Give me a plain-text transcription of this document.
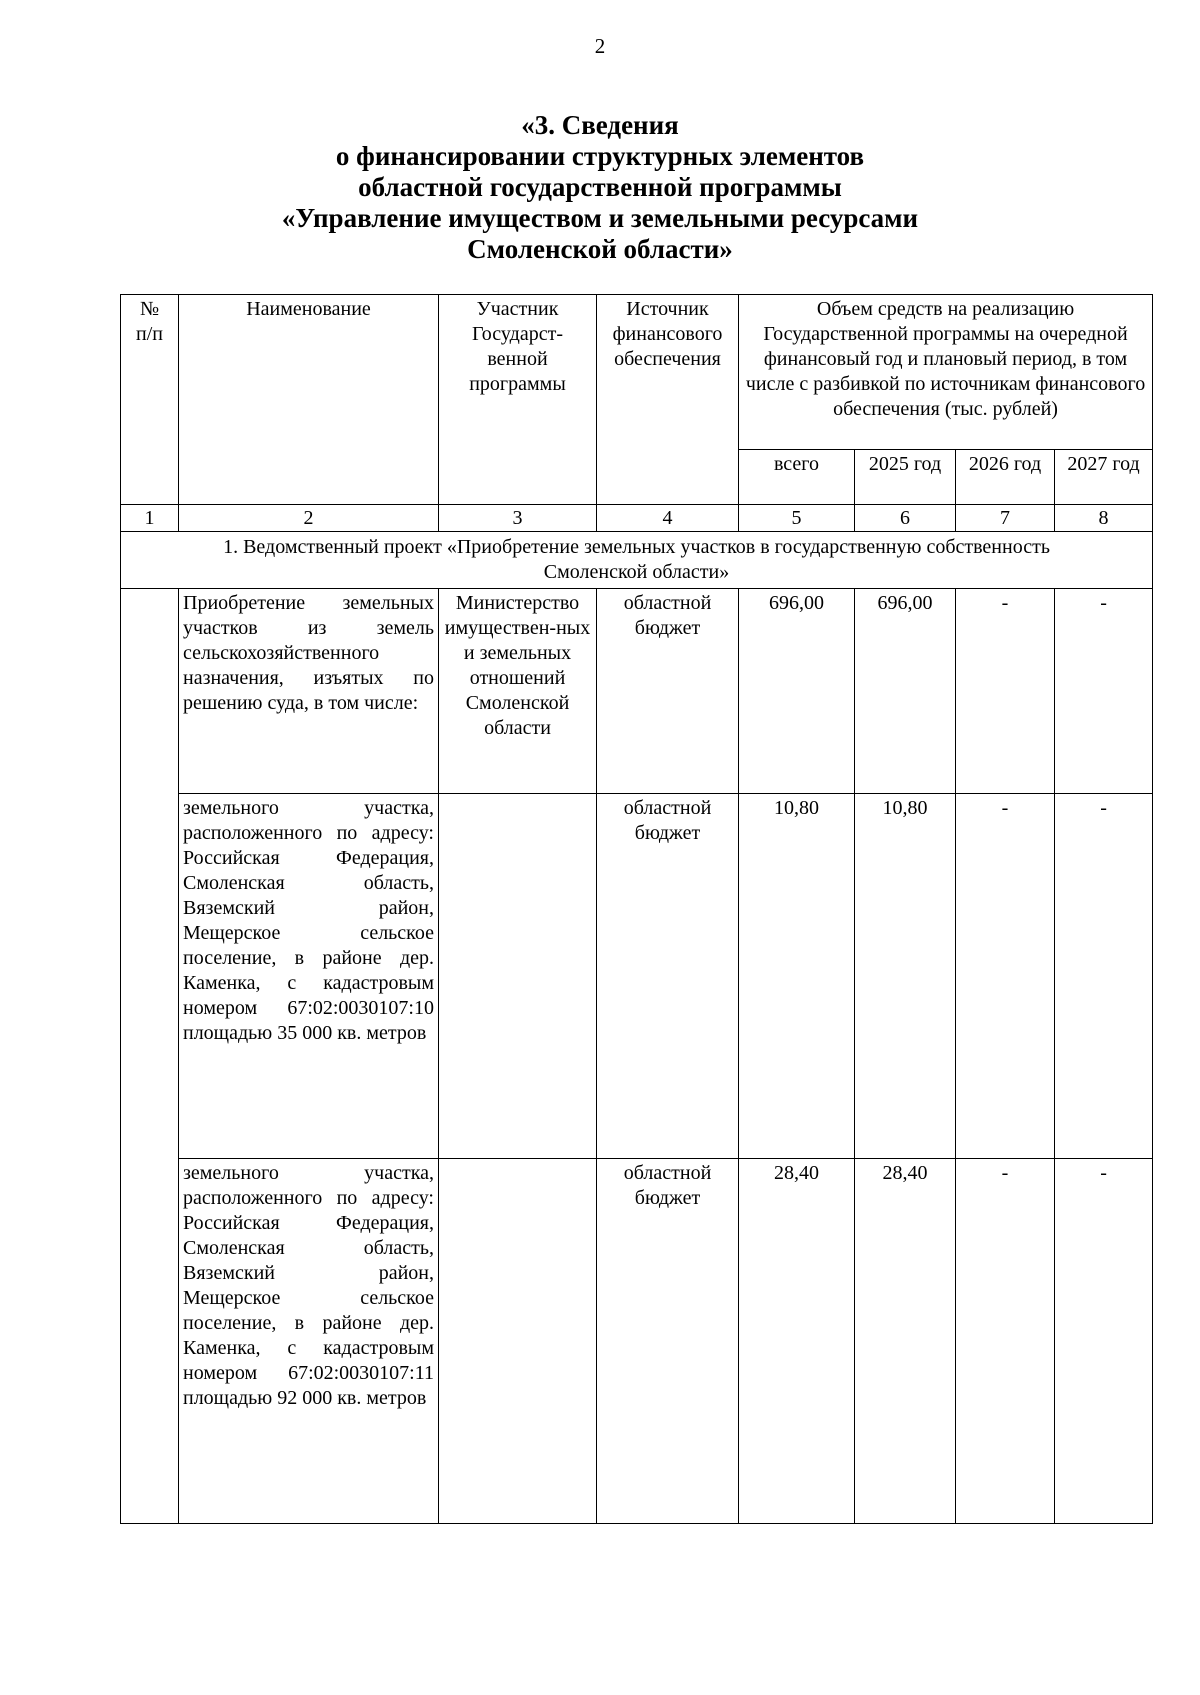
2
«3. Сведения
о финансировании структурных элементов
областной государственной программы
«Управление имуществом и земельными ресурсами
Смоленской области»
№ п/п	Наименование	Участник Государст-венной программы	Источник финансового обеспечения	Объем средств на реализацию Государственной программы на очередной финансовый год и плановый период, в том числе с разбивкой по источникам финансового обеспечения (тыс. рублей)			
				всего	2025 год	2026 год	2027 год
1	2	3	4	5	6	7	8
1. Ведомственный проект «Приобретение земельных участков в государственную собственность Смоленской области»							
	Приобретение земельных участков из земель сельскохозяйственного назначения, изъятых по решению суда, в том числе:	Министерство имуществен-ных и земельных отношений Смоленской области	областной бюджет	696,00	696,00	-	-
	земельного участка, расположенного по адресу: Российская Федерация, Смоленская область, Вяземский район, Мещерское сельское поселение, в районе дер. Каменка, с кадастровым номером 67:02:0030107:10 площадью 35 000 кв. метров		областной бюджет	10,80	10,80	-	-
	земельного участка, расположенного по адресу: Российская Федерация, Смоленская область, Вяземский район, Мещерское сельское поселение, в районе дер. Каменка, с кадастровым номером 67:02:0030107:11 площадью 92 000 кв. метров		областной бюджет	28,40	28,40	-	-
